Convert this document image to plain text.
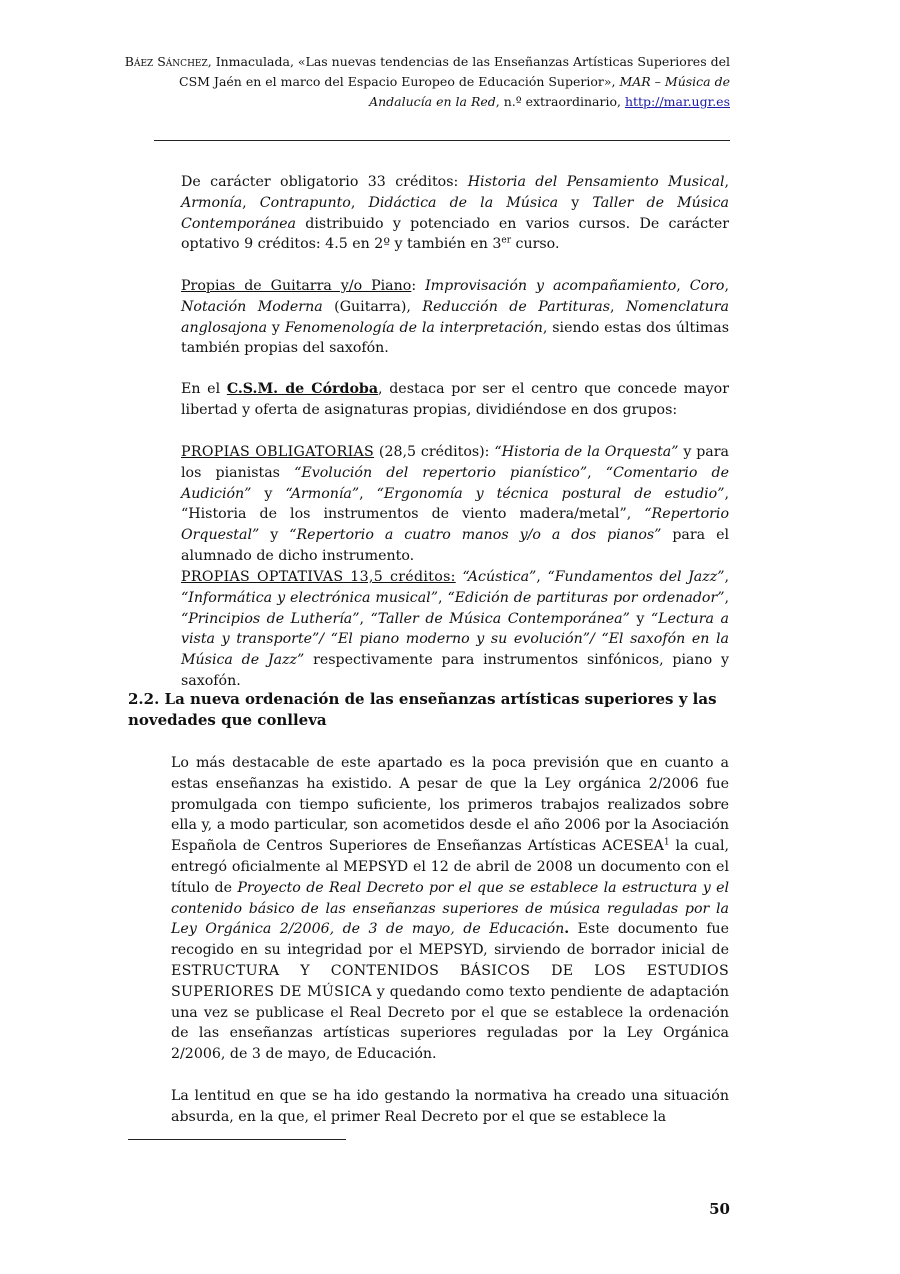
Báez Sánchez, Inmaculada, «Las nuevas tendencias de las Enseñanzas Artísticas Superiores del CSM Jaén en el marco del Espacio Europeo de Educación Superior», MAR – Música de Andalucía en la Red, n.º extraordinario, http://mar.ugr.es
De carácter obligatorio 33 créditos: Historia del Pensamiento Musical, Armonía, Contrapunto, Didáctica de la Música y Taller de Música Contemporánea distribuido y potenciado en varios cursos. De carácter optativo 9 créditos: 4.5 en 2º y también en 3er curso.
Propias de Guitarra y/o Piano: Improvisación y acompañamiento, Coro, Notación Moderna (Guitarra), Reducción de Partituras, Nomenclatura anglosajona y Fenomenología de la interpretación, siendo estas dos últimas también propias del saxofón.
En el C.S.M. de Córdoba, destaca por ser el centro que concede mayor libertad y oferta de asignaturas propias, dividiéndose en dos grupos:
PROPIAS OBLIGATORIAS (28,5 créditos): “Historia de la Orquesta” y para los pianistas “Evolución del repertorio pianístico”, “Comentario de Audición” y “Armonía”, “Ergonomía y técnica postural de estudio”, “Historia de los instrumentos de viento madera/metal”, “Repertorio Orquestal” y “Repertorio a cuatro manos y/o a dos pianos” para el alumnado de dicho instrumento.
PROPIAS OPTATIVAS 13,5 créditos: “Acústica”, “Fundamentos del Jazz”, “Informática y electrónica musical”, “Edición de partituras por ordenador”, “Principios de Luthería”, “Taller de Música Contemporánea” y “Lectura a vista y transporte”/ “El piano moderno y su evolución”/ “El saxofón en la Música de Jazz” respectivamente para instrumentos sinfónicos, piano y saxofón.
2.2. La nueva ordenación de las enseñanzas artísticas superiores y las novedades que conlleva
Lo más destacable de este apartado es la poca previsión que en cuanto a estas enseñanzas ha existido. A pesar de que la Ley orgánica 2/2006 fue promulgada con tiempo suficiente, los primeros trabajos realizados sobre ella y, a modo particular, son acometidos desde el año 2006 por la Asociación Española de Centros Superiores de Enseñanzas Artísticas ACESEA$^1$ la cual, entregó oficialmente al MEPSYD el 12 de abril de 2008 un documento con el título de Proyecto de Real Decreto por el que se establece la estructura y el contenido básico de las enseñanzas superiores de música reguladas por la Ley Orgánica 2/2006, de 3 de mayo, de Educación. Este documento fue recogido en su integridad por el MEPSYD, sirviendo de borrador inicial de ESTRUCTURA Y CONTENIDOS BÁSICOS DE LOS ESTUDIOS SUPERIORES DE MÚSICA y quedando como texto pendiente de adaptación una vez se publicase el Real Decreto por el que se establece la ordenación de las enseñanzas artísticas superiores reguladas por la Ley Orgánica 2/2006, de 3 de mayo, de Educación.
La lentitud en que se ha ido gestando la normativa ha creado una situación absurda, en la que, el primer Real Decreto por el que se establece la
50
